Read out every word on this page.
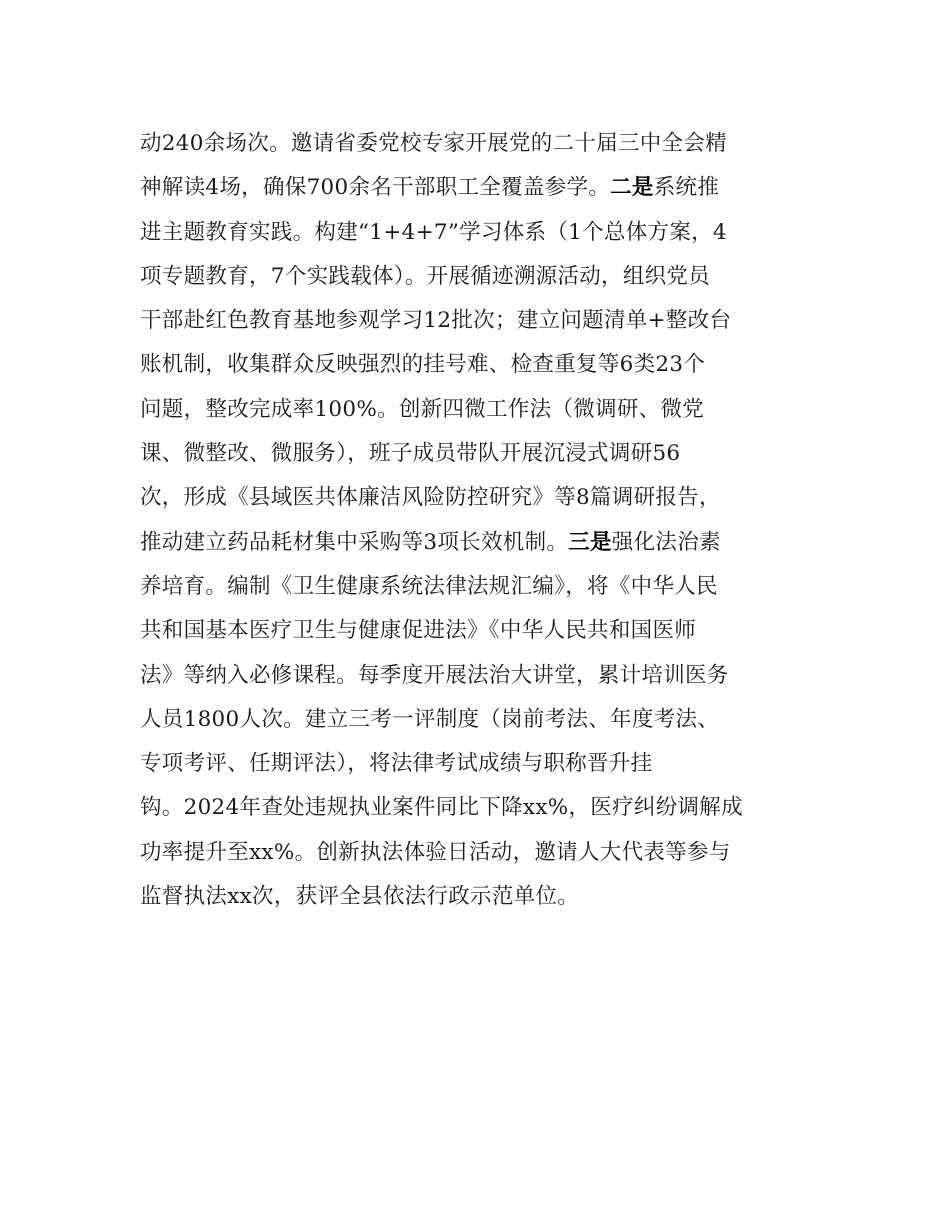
动240余场次。邀请省委党校专家开展党的二十届三中全会精
神解读4场，确保700余名干部职工全覆盖参学。二是系统推
进主题教育实践。构建“1+4+7”学习体系（1个总体方案，4
项专题教育，7个实践载体）。开展循迹溯源活动，组织党员
干部赴红色教育基地参观学习12批次；建立问题清单+整改台
账机制，收集群众反映强烈的挂号难、检查重复等6类23个
问题，整改完成率100%。创新四微工作法（微调研、微党
课、微整改、微服务），班子成员带队开展沉浸式调研56
次，形成《县域医共体廉洁风险防控研究》等8篇调研报告，
推动建立药品耗材集中采购等3项长效机制。三是强化法治素
养培育。编制《卫生健康系统法律法规汇编》，将《中华人民
共和国基本医疗卫生与健康促进法》《中华人民共和国医师
法》等纳入必修课程。每季度开展法治大讲堂，累计培训医务
人员1800人次。建立三考一评制度（岗前考法、年度考法、
专项考评、任期评法），将法律考试成绩与职称晋升挂
钩。2024年查处违规执业案件同比下降xx%，医疗纠纷调解成
功率提升至xx%。创新执法体验日活动，邀请人大代表等参与
监督执法xx次，获评全县依法行政示范单位。
